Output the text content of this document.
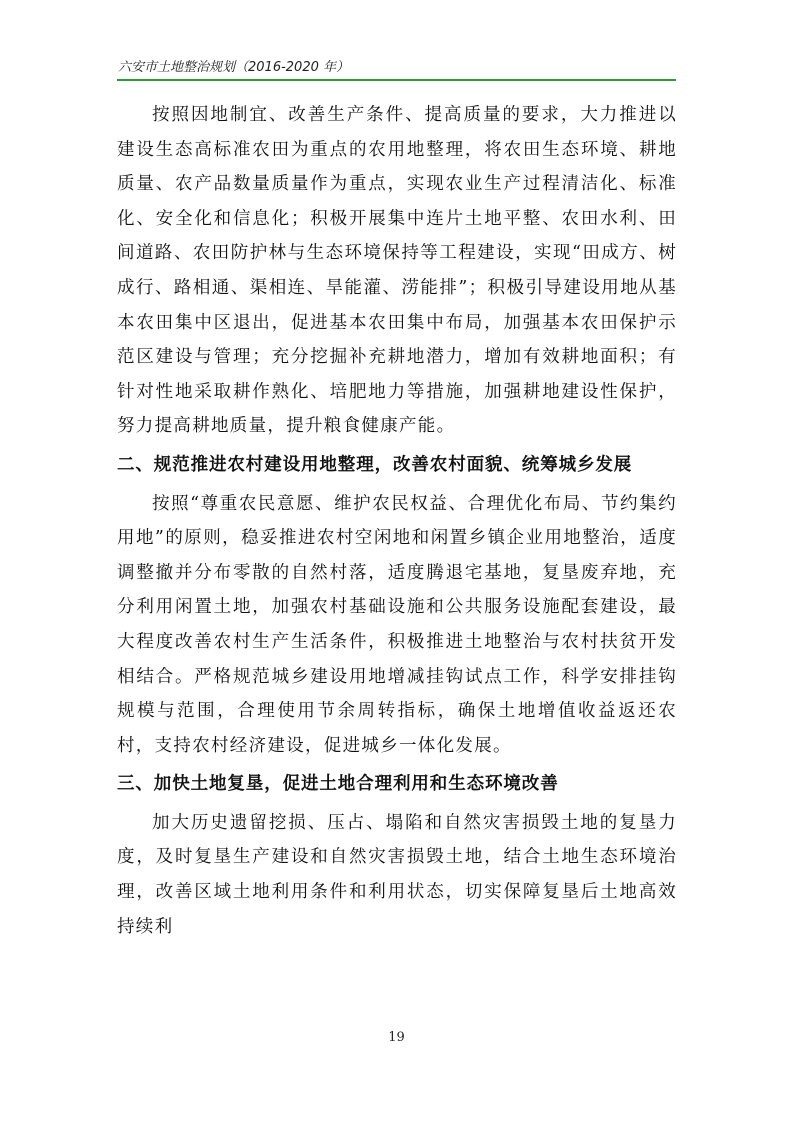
六安市土地整治规划（2016-2020 年）

按照因地制宜、改善生产条件、提高质量的要求，大力推进以建设生态高标准农田为重点的农用地整理，将农田生态环境、耕地质量、农产品数量质量作为重点，实现农业生产过程清洁化、标准化、安全化和信息化；积极开展集中连片土地平整、农田水利、田间道路、农田防护林与生态环境保持等工程建设，实现“田成方、树成行、路相通、渠相连、旱能灌、涝能排”；积极引导建设用地从基本农田集中区退出，促进基本农田集中布局，加强基本农田保护示范区建设与管理；充分挖掘补充耕地潜力，增加有效耕地面积；有针对性地采取耕作熟化、培肥地力等措施，加强耕地建设性保护，努力提高耕地质量，提升粮食健康产能。

二、规范推进农村建设用地整理，改善农村面貌、统筹城乡发展

按照“尊重农民意愿、维护农民权益、合理优化布局、节约集约用地”的原则，稳妥推进农村空闲地和闲置乡镇企业用地整治，适度调整撤并分布零散的自然村落，适度腾退宅基地，复垦废弃地，充分利用闲置土地，加强农村基础设施和公共服务设施配套建设，最大程度改善农村生产生活条件，积极推进土地整治与农村扶贫开发相结合。严格规范城乡建设用地增减挂钩试点工作，科学安排挂钩规模与范围，合理使用节余周转指标，确保土地增值收益返还农村，支持农村经济建设，促进城乡一体化发展。

三、加快土地复垦，促进土地合理利用和生态环境改善

加大历史遗留挖损、压占、塌陷和自然灾害损毁土地的复垦力度，及时复垦生产建设和自然灾害损毁土地，结合土地生态环境治理，改善区域土地利用条件和利用状态，切实保障复垦后土地高效持续利

19
